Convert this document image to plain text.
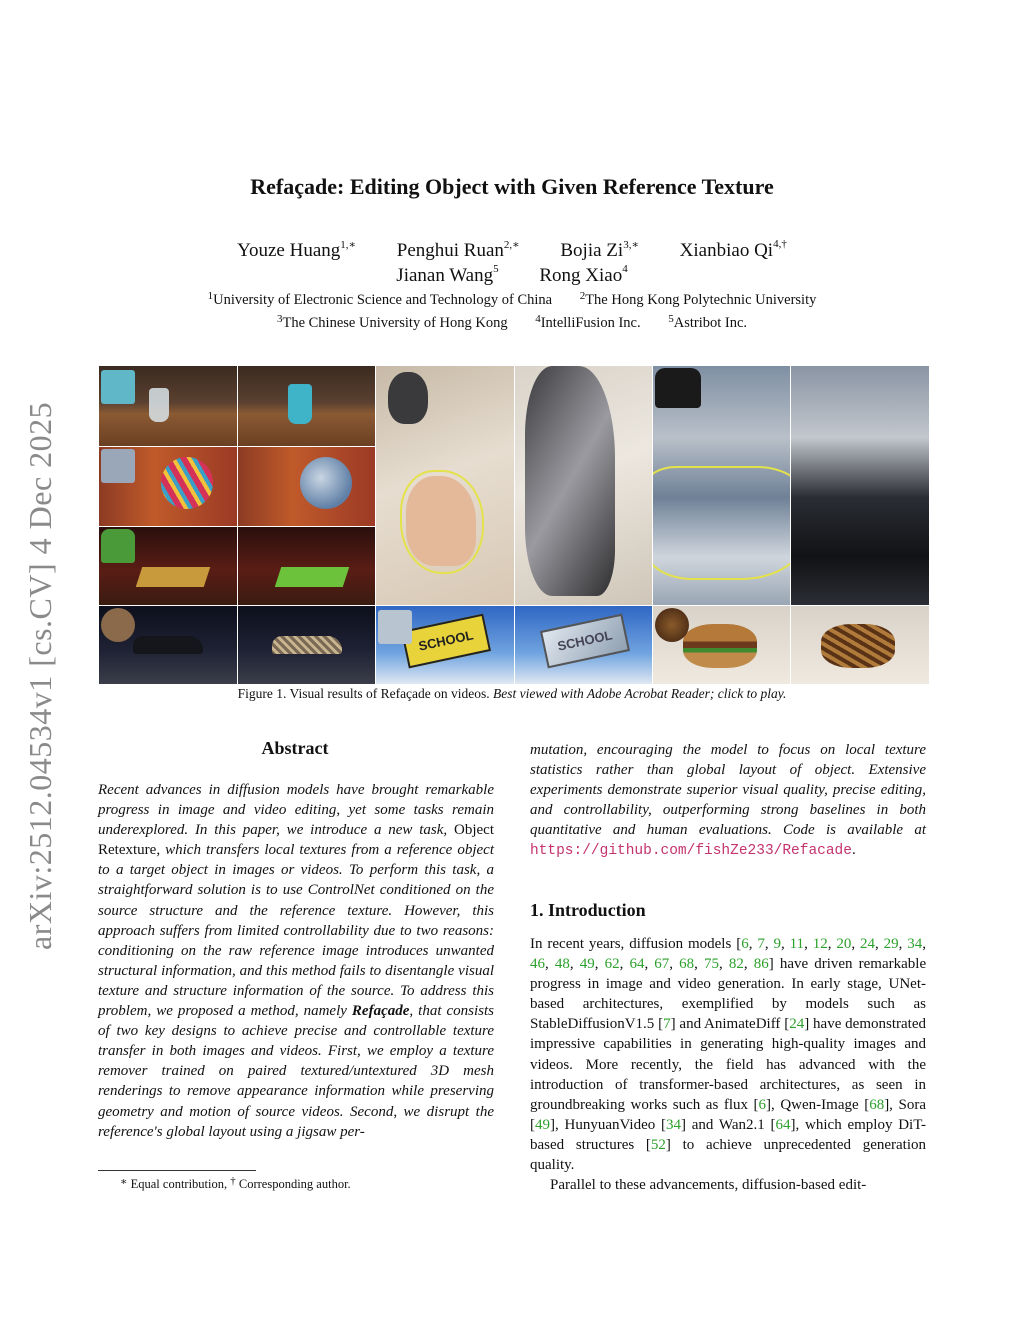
arXiv:2512.04534v1 [cs.CV] 4 Dec 2025
Refaçade: Editing Object with Given Reference Texture
Youze Huang$^{1,∗}$ Penghui Ruan$^{2,∗}$ Bojia $Zi^{3,∗}$ Xianbiao $Qi^{4,\dagger}$
Jianan Wang$^5$ Rong Xiao$^4$
$^1$University of Electronic Science and Technology of China	$^2$The Hong Kong Polytechnic University
$^3$The Chinese University of Hong Kong	$^4$IntelliFusion Inc.	$^5$Astribot Inc.
SCHOOL	SCHOOL
Figure 1. Visual results of Refaçade on videos. Best viewed with Adobe Acrobat Reader; click to play.
Abstract

Recent advances in diffusion models have brought remarkable progress in image and video editing, yet some tasks remain underexplored. In this paper, we introduce a new task, Object Retexture, which transfers local textures from a reference object to a target object in images or videos. To perform this task, a straightforward solution is to use ControlNet conditioned on the source structure and the reference texture. However, this approach suffers from limited controllability due to two reasons: conditioning on the raw reference image introduces unwanted structural information, and this method fails to disentangle visual texture and structure information of the source. To address this problem, we proposed a method, namely Refaçade, that consists of two key designs to achieve precise and controllable texture transfer in both images and videos. First, we employ a texture remover trained on paired textured/untextured 3D mesh renderings to remove appearance information while preserving geometry and motion of source videos. Second, we disrupt the reference's global layout using a jigsaw per-

mutation, encouraging the model to focus on local texture statistics rather than global layout of object. Extensive experiments demonstrate superior visual quality, precise editing, and controllability, outperforming strong baselines in both quantitative and human evaluations. Code is available at https://github.com/fishZe233/Refacade.

1. Introduction

In recent years, diffusion models [6, 7, 9, 11, 12, 20, 24, 29, 34, 46, 48, 49, 62, 64, 67, 68, 75, 82, 86] have driven remarkable progress in image and video generation. In early stage, UNet-based architectures, exemplified by models such as StableDiffusionV1.5 [7] and AnimateDiff [24] have demonstrated impressive capabilities in generating high-quality images and videos. More recently, the field has advanced with the introduction of transformer-based architectures, as seen in groundbreaking works such as flux [6], Qwen-Image [68], Sora [49], HunyuanVideo [34] and Wan2.1 [64], which employ DiT-based structures [52] to achieve unprecedented generation quality.

Parallel to these advancements, diffusion-based edit-

∗ Equal contribution, † Corresponding author.
